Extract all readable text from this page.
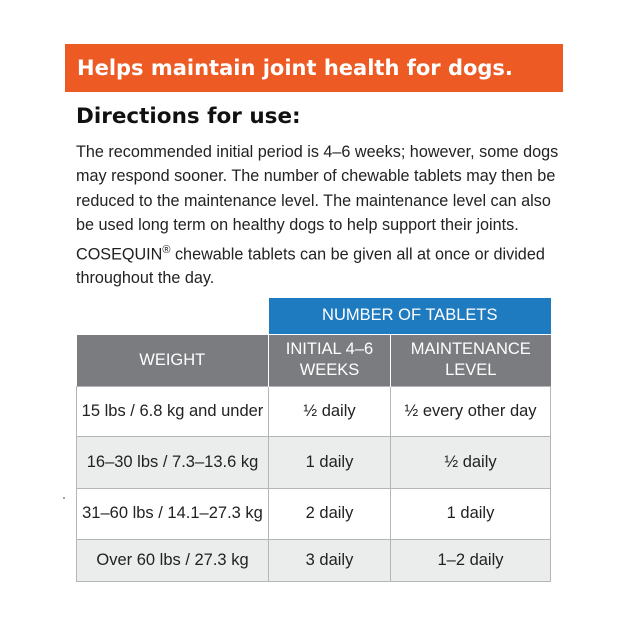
Helps maintain joint health for dogs.
Directions for use:
The recommended initial period is 4–6 weeks; however, some dogs may respond sooner. The number of chewable tablets may then be reduced to the maintenance level. The maintenance level can also be used long term on healthy dogs to help support their joints. COSEQUIN® chewable tablets can be given all at once or divided throughout the day.
	NUMBER OF TABLETS	
WEIGHT	INITIAL 4–6 WEEKS	MAINTENANCE LEVEL
15 lbs / 6.8 kg and under	½ daily	½ every other day
16–30 lbs / 7.3–13.6 kg	1 daily	½ daily
31–60 lbs / 14.1–27.3 kg	2 daily	1 daily
Over 60 lbs / 27.3 kg	3 daily	1–2 daily
